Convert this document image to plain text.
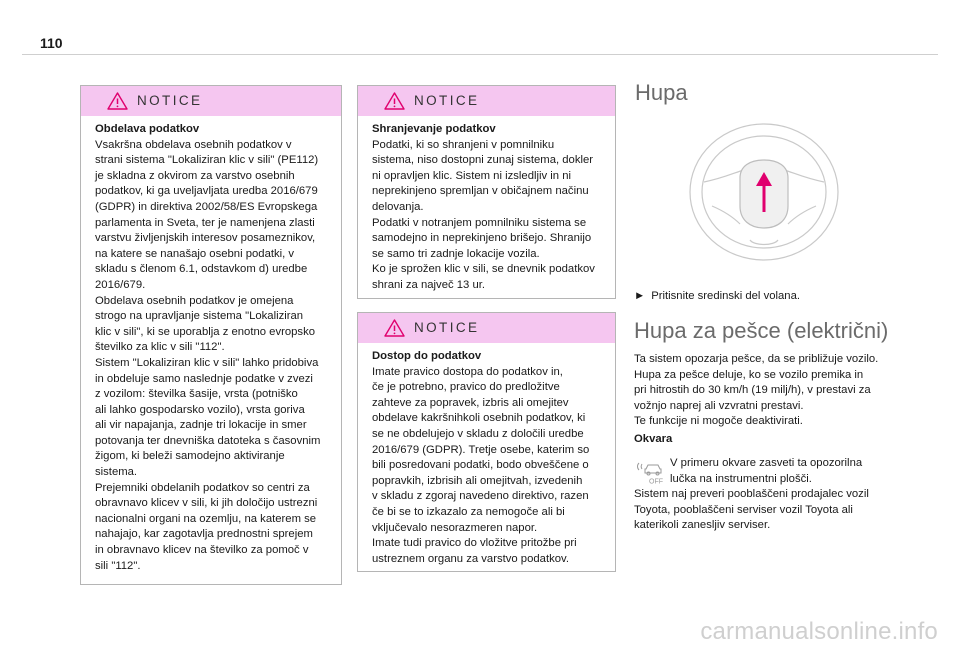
110
NOTICE

Obdelava podatkov

Vsakršna obdelava osebnih podatkov v
strani sistema "Lokaliziran klic v sili" (PE112)
je skladna z okvirom za varstvo osebnih
podatkov, ki ga uveljavljata uredba 2016/679
(GDPR) in direktiva 2002/58/ES Evropskega
parlamenta in Sveta, ter je namenjena zlasti
varstvu življenjskih interesov posameznikov,
na katere se nanašajo osebni podatki, v
skladu s členom 6.1, odstavkom d) uredbe
2016/679.
Obdelava osebnih podatkov je omejena
strogo na upravljanje sistema "Lokaliziran
klic v sili", ki se uporablja z enotno evropsko
številko za klic v sili "112".
Sistem "Lokaliziran klic v sili" lahko pridobiva
in obdeluje samo naslednje podatke v zvezi
z vozilom: številka šasije, vrsta (potniško
ali lahko gospodarsko vozilo), vrsta goriva
ali vir napajanja, zadnje tri lokacije in smer
potovanja ter dnevniška datoteka s časovnim
žigom, ki beleži samodejno aktiviranje
sistema.
Prejemniki obdelanih podatkov so centri za
obravnavo klicev v sili, ki jih določijo ustrezni
nacionalni organi na ozemlju, na katerem se
nahajajo, kar zagotavlja prednostni sprejem
in obravnavo klicev na številko za pomoč v
sili "112".

NOTICE

Shranjevanje podatkov

Podatki, ki so shranjeni v pomnilniku
sistema, niso dostopni zunaj sistema, dokler
ni opravljen klic. Sistem ni izsledljiv in ni
neprekinjeno spremljan v običajnem načinu
delovanja.
Podatki v notranjem pomnilniku sistema se
samodejno in neprekinjeno brišejo. Shranijo
se samo tri zadnje lokacije vozila.
Ko je sprožen klic v sili, se dnevnik podatkov
shrani za največ 13 ur.

NOTICE

Dostop do podatkov

Imate pravico dostopa do podatkov in,
če je potrebno, pravico do predložitve
zahteve za popravek, izbris ali omejitev
obdelave kakršnihkoli osebnih podatkov, ki
se ne obdelujejo v skladu z določili uredbe
2016/679 (GDPR). Tretje osebe, katerim so
bili posredovani podatki, bodo obveščene o
popravkih, izbrisih ali omejitvah, izvedenih
v skladu z zgoraj navedeno direktivo, razen
če bi se to izkazalo za nemogoče ali bi
vključevalo nesorazmeren napor.
Imate tudi pravico do vložitve pritožbe pri
ustreznem organu za varstvo podatkov.

Hupa
► Pritisnite sredinski del volana.
Hupa za pešce (električni)

Ta sistem opozarja pešce, da se približuje vozilo.
Hupa za pešce deluje, ko se vozilo premika in
pri hitrostih do 30 km/h (19 milj/h), v prestavi za
vožnjo naprej ali vzvratni prestavi.
Te funkcije ni mogoče deaktivirati.

Okvara
OFF
V primeru okvare zasveti ta opozorilna
lučka na instrumentni plošči.

Sistem naj preveri pooblaščeni prodajalec vozil
Toyota, pooblaščeni serviser vozil Toyota ali
katerikoli zanesljiv serviser.

carmanualsonline.info
